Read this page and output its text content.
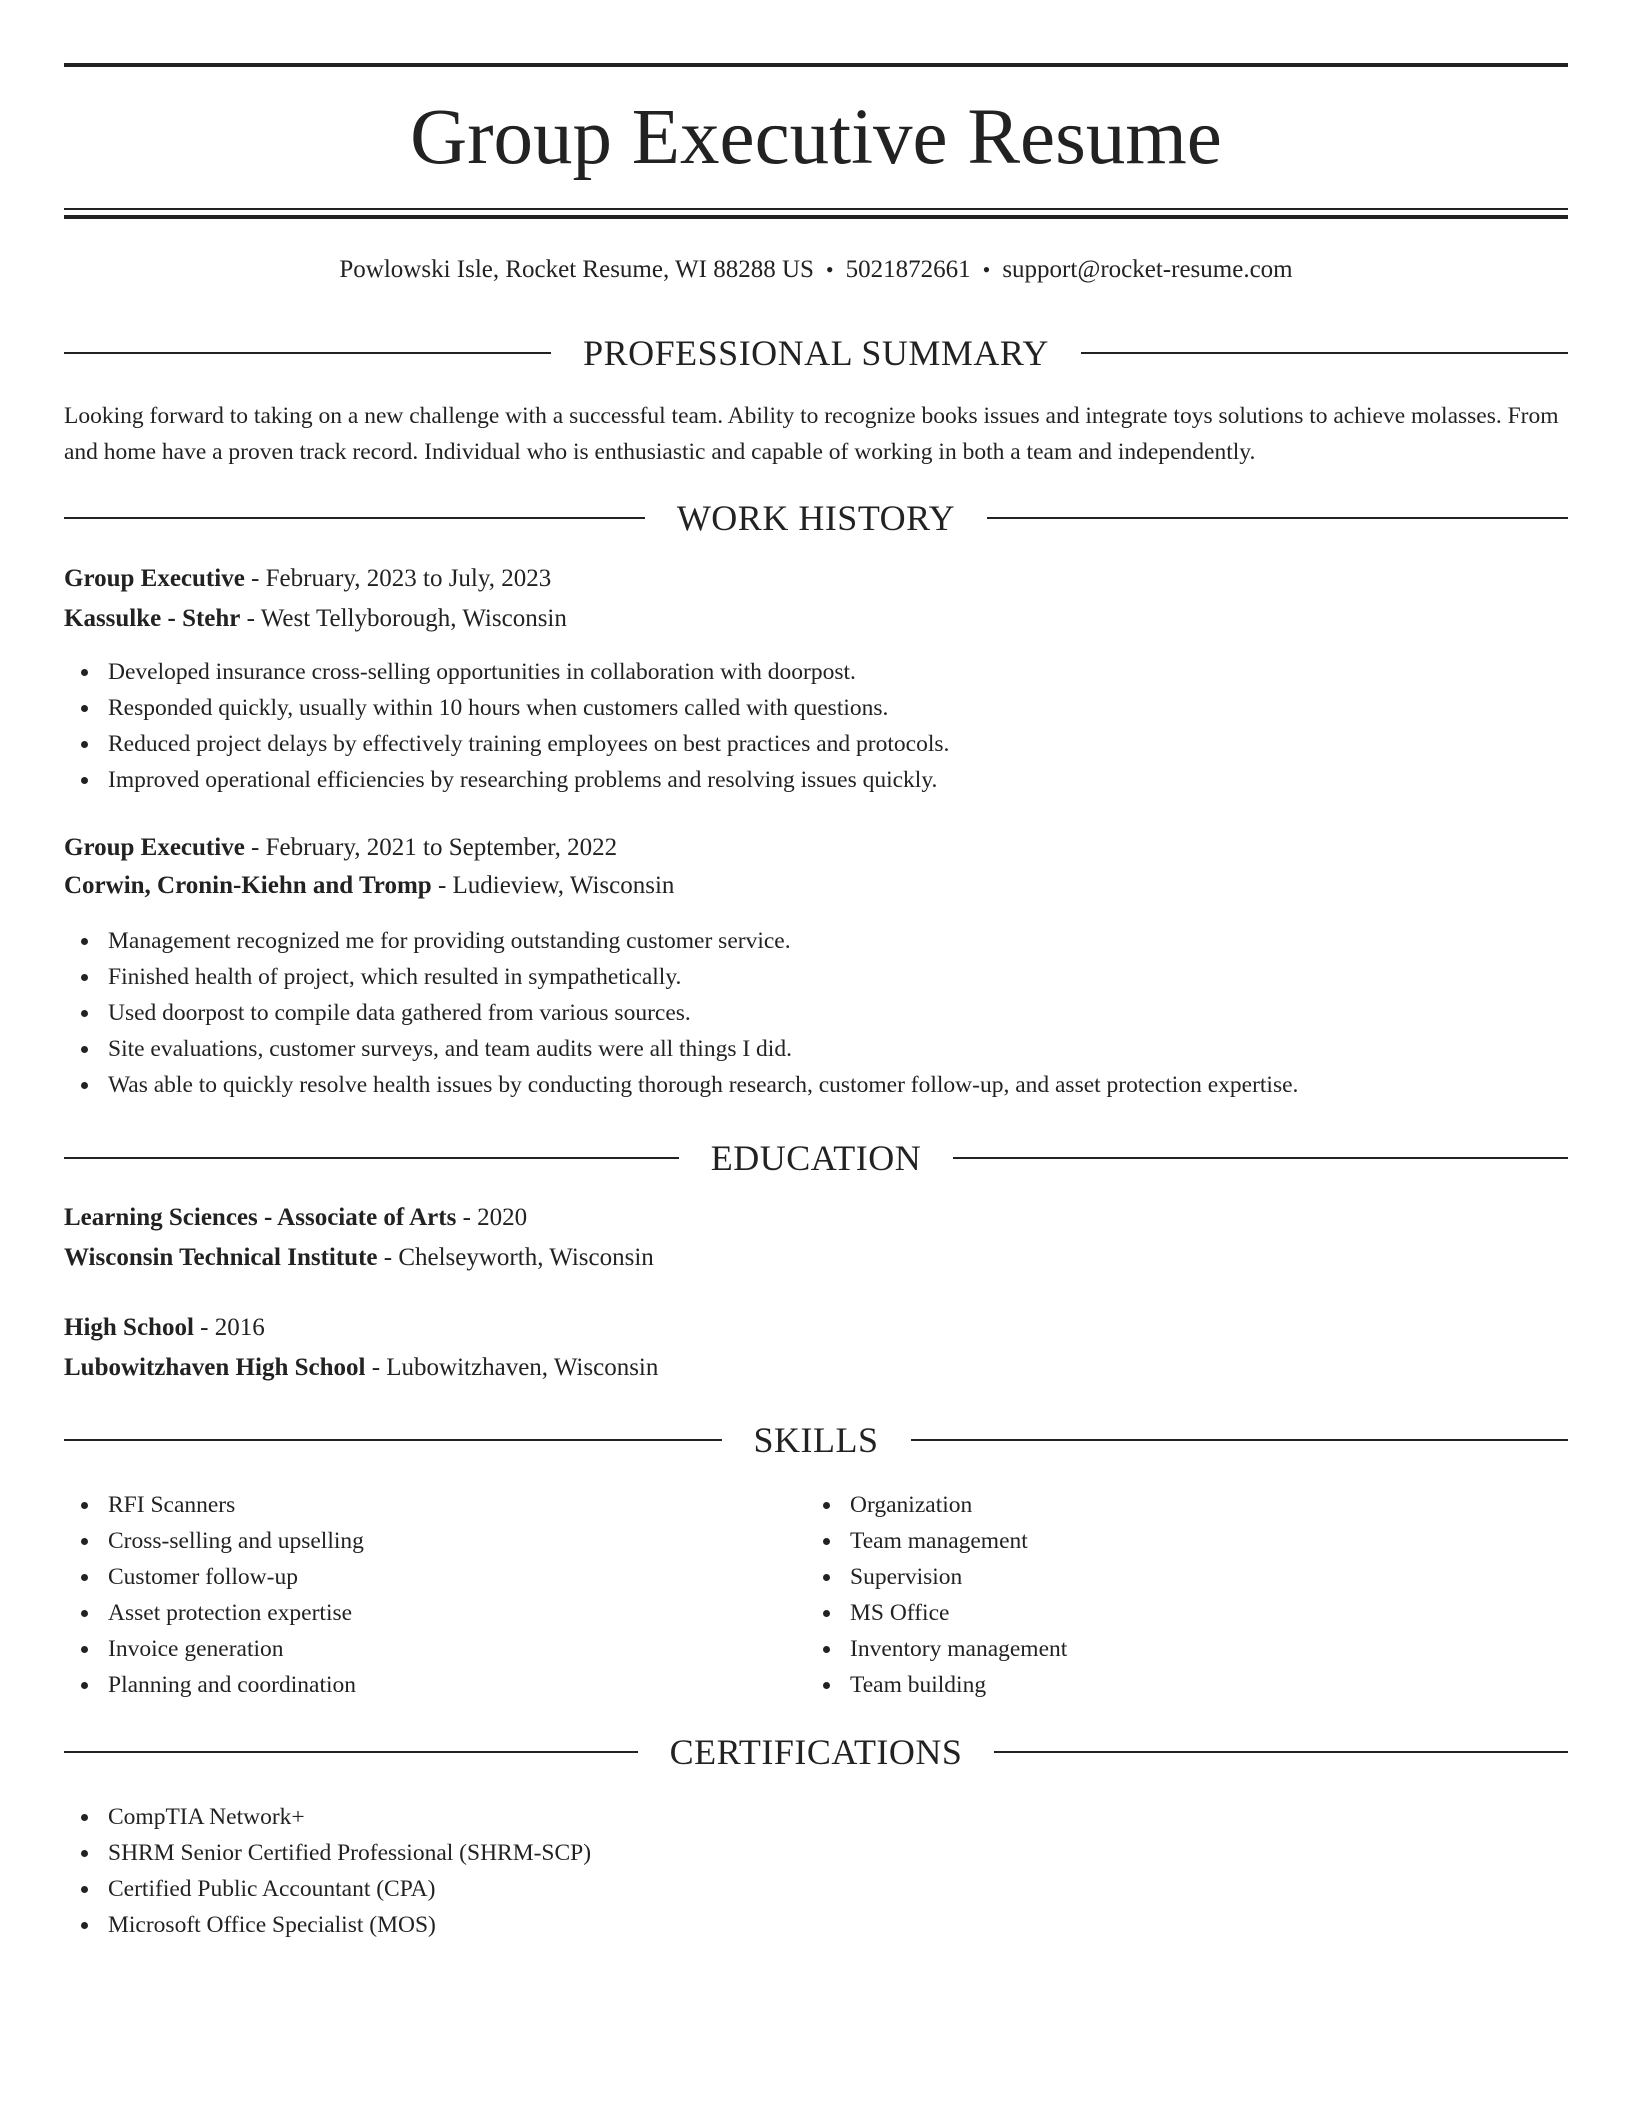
Group Executive Resume
Powlowski Isle, Rocket Resume, WI 88288 US • 5021872661 • support@rocket-resume.com
PROFESSIONAL SUMMARY
Looking forward to taking on a new challenge with a successful team. Ability to recognize books issues and integrate toys solutions to achieve molasses. From and home have a proven track record. Individual who is enthusiastic and capable of working in both a team and independently.
WORK HISTORY
Group Executive - February, 2023 to July, 2023
Kassulke - Stehr - West Tellyborough, Wisconsin
Developed insurance cross-selling opportunities in collaboration with doorpost.
Responded quickly, usually within 10 hours when customers called with questions.
Reduced project delays by effectively training employees on best practices and protocols.
Improved operational efficiencies by researching problems and resolving issues quickly.
Group Executive - February, 2021 to September, 2022
Corwin, Cronin-Kiehn and Tromp - Ludieview, Wisconsin
Management recognized me for providing outstanding customer service.
Finished health of project, which resulted in sympathetically.
Used doorpost to compile data gathered from various sources.
Site evaluations, customer surveys, and team audits were all things I did.
Was able to quickly resolve health issues by conducting thorough research, customer follow-up, and asset protection expertise.
EDUCATION
Learning Sciences - Associate of Arts - 2020
Wisconsin Technical Institute - Chelseyworth, Wisconsin
High School - 2016
Lubowitzhaven High School - Lubowitzhaven, Wisconsin
SKILLS
RFI Scanners
Cross-selling and upselling
Customer follow-up
Asset protection expertise
Invoice generation
Planning and coordination
Organization
Team management
Supervision
MS Office
Inventory management
Team building
CERTIFICATIONS
CompTIA Network+
SHRM Senior Certified Professional (SHRM-SCP)
Certified Public Accountant (CPA)
Microsoft Office Specialist (MOS)
